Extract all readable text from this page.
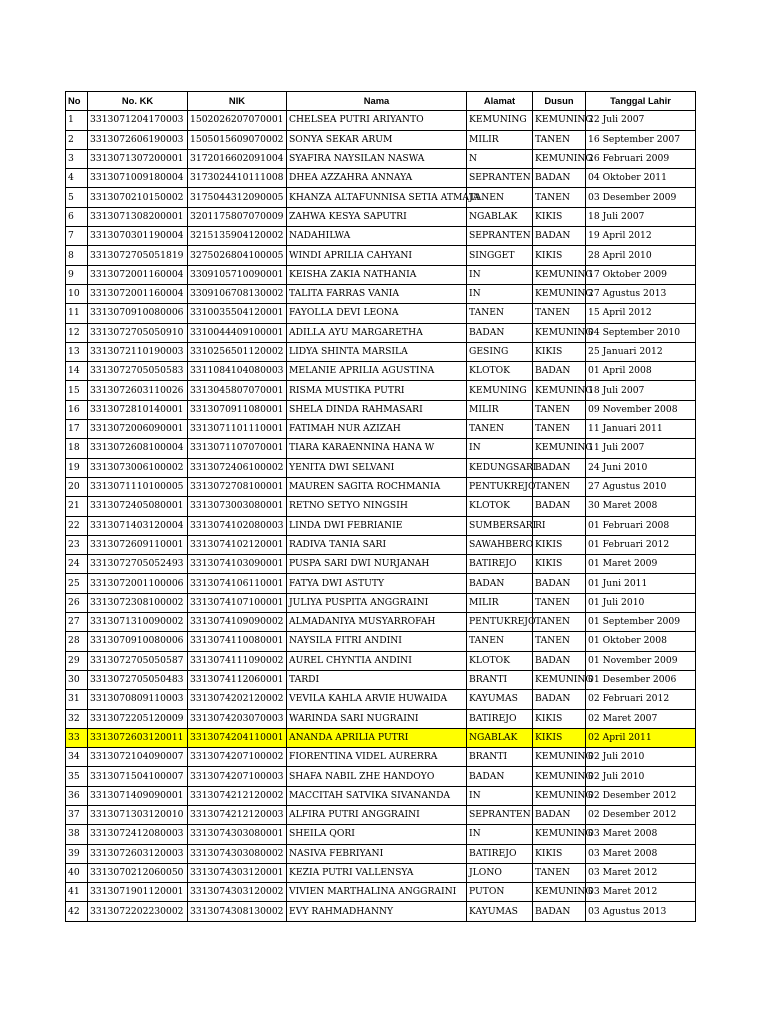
No	No. KK	NIK	Nama	Alamat	Dusun	Tanggal Lahir
1	3313071204170003	1502026207070001	CHELSEA PUTRI ARIYANTO	KEMUNING	KEMUNING	22 Juli 2007
2	3313072606190003	1505015609070002	SONYA SEKAR ARUM	MILIR	TANEN	16 September 2007
3	3313071307200001	3172016602091004	SYAFIRA NAYSILAN NASWA	N	KEMUNING	26 Februari 2009
4	3313071009180004	3173024410111008	DHEA AZZAHRA ANNAYA	SEPRANTEN	BADAN	04 Oktober 2011
5	3313070210150002	3175044312090005	KHANZA ALTAFUNNISA SETIA ATMAJA	TANEN	TANEN	03 Desember 2009
6	3313071308200001	3201175807070009	ZAHWA KESYA SAPUTRI	NGABLAK	KIKIS	18 Juli 2007
7	3313070301190004	3215135904120002	NADAHILWA	SEPRANTEN	BADAN	19 April 2012
8	3313072705051819	3275026804100005	WINDI APRILIA CAHYANI	SINGGET	KIKIS	28 April 2010
9	3313072001160004	3309105710090001	KEISHA ZAKIA NATHANIA	IN	KEMUNING	17 Oktober 2009
10	3313072001160004	3309106708130002	TALITA FARRAS VANIA	IN	KEMUNING	27 Agustus 2013
11	3313070910080006	3310035504120001	FAYOLLA DEVI LEONA	TANEN	TANEN	15 April 2012
12	3313072705050910	3310044409100001	ADILLA AYU MARGARETHA	BADAN	KEMUNING	04 September 2010
13	3313072110190003	3310256501120002	LIDYA SHINTA MARSILA	GESING	KIKIS	25 Januari 2012
14	3313072705050583	3311084104080003	MELANIE APRILIA AGUSTINA	KLOTOK	BADAN	01 April 2008
15	3313072603110026	3313045807070001	RISMA MUSTIKA PUTRI	KEMUNING	KEMUNING	18 Juli 2007
16	3313072810140001	3313070911080001	SHELA DINDA RAHMASARI	MILIR	TANEN	09 November 2008
17	3313072006090001	3313071101110001	FATIMAH NUR AZIZAH	TANEN	TANEN	11 Januari 2011
18	3313072608100004	3313071107070001	TIARA KARAENNINA HANA W	IN	KEMUNING	11 Juli 2007
19	3313073006100002	3313072406100002	YENITA DWI SELVANI	KEDUNGSARI	BADAN	24 Juni 2010
20	3313071110100005	3313072708100001	MAUREN SAGITA ROCHMANIA	PENTUKREJO	TANEN	27 Agustus 2010
21	3313072405080001	3313073003080001	RETNO SETYO NINGSIH	KLOTOK	BADAN	30 Maret 2008
22	3313071403120004	3313074102080003	LINDA DWI FEBRIANIE	SUMBERSARI	RI	01 Februari 2008
23	3313072609110001	3313074102120001	RADIVA TANIA SARI	SAWAHBERO	KIKIS	01 Februari 2012
24	3313072705052493	3313074103090001	PUSPA SARI DWI NURJANAH	BATIREJO	KIKIS	01 Maret 2009
25	3313072001100006	3313074106110001	FATYA DWI ASTUTY	BADAN	BADAN	01 Juni 2011
26	3313072308100002	3313074107100001	JULIYA PUSPITA ANGGRAINI	MILIR	TANEN	01 Juli 2010
27	3313071310090002	3313074109090002	ALMADANIYA MUSYARROFAH	PENTUKREJO	TANEN	01 September 2009
28	3313070910080006	3313074110080001	NAYSILA FITRI ANDINI	TANEN	TANEN	01 Oktober 2008
29	3313072705050587	3313074111090002	AUREL CHYNTIA ANDINI	KLOTOK	BADAN	01 November 2009
30	3313072705050483	3313074112060001	TARDI	BRANTI	KEMUNING	01 Desember 2006
31	3313070809110003	3313074202120002	VEVILA KAHLA ARVIE HUWAIDA	KAYUMAS	BADAN	02 Februari 2012
32	3313072205120009	3313074203070003	WARINDA SARI NUGRAINI	BATIREJO	KIKIS	02 Maret 2007
33	3313072603120011	3313074204110001	ANANDA APRILIA PUTRI	NGABLAK	KIKIS	02 April 2011
34	3313072104090007	3313074207100002	FIORENTINA VIDEL AURERRA	BRANTI	KEMUNING	02 Juli 2010
35	3313071504100007	3313074207100003	SHAFA NABIL ZHE HANDOYO	BADAN	KEMUNING	02 Juli 2010
36	3313071409090001	3313074212120002	MACCITAH SATVIKA SIVANANDA	IN	KEMUNING	02 Desember 2012
37	3313071303120010	3313074212120003	ALFIRA PUTRI ANGGRAINI	SEPRANTEN	BADAN	02 Desember 2012
38	3313072412080003	3313074303080001	SHEILA QORI	IN	KEMUNING	03 Maret 2008
39	3313072603120003	3313074303080002	NASIVA FEBRIYANI	BATIREJO	KIKIS	03 Maret 2008
40	3313070212060050	3313074303120001	KEZIA PUTRI VALLENSYA	JLONO	TANEN	03 Maret 2012
41	3313071901120001	3313074303120002	VIVIEN MARTHALINA ANGGRAINI	PUTON	KEMUNING	03 Maret 2012
42	3313072202230002	3313074308130002	EVY RAHMADHANNY	KAYUMAS	BADAN	03 Agustus 2013
